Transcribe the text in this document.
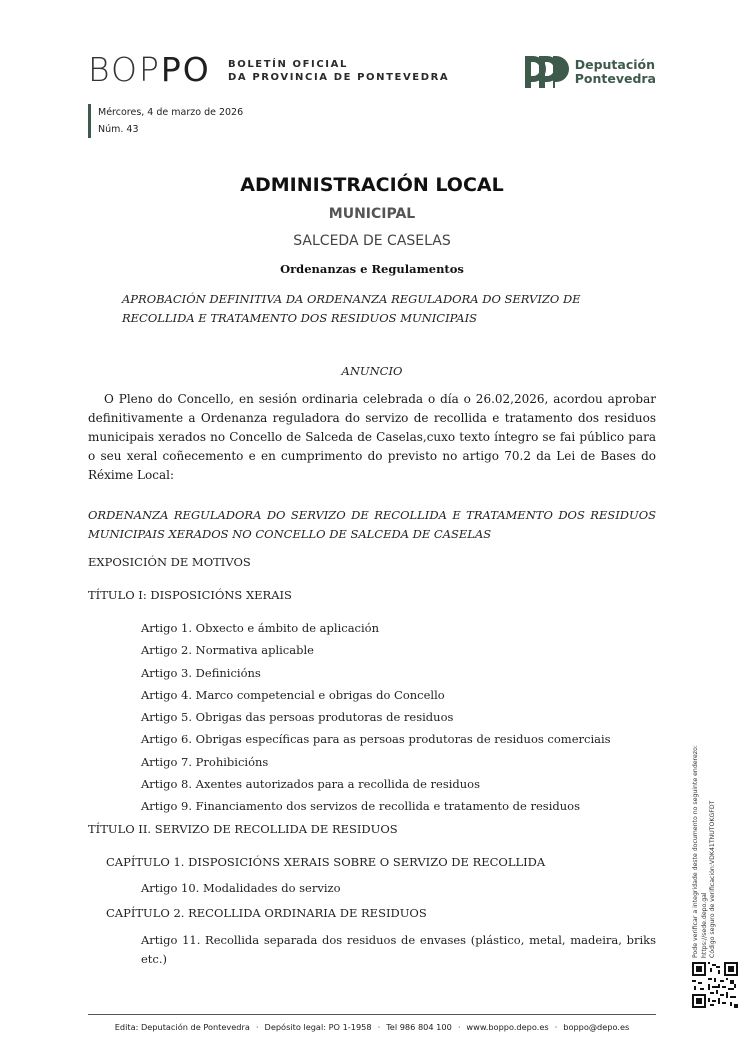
BOPPO BOLETÍN OFICIAL
DA PROVINCIA DE PONTEVEDRA
Deputación
Pontevedra
Mércores, 4 de marzo de 2026
Núm. 43
ADMINISTRACIÓN LOCAL
MUNICIPAL
SALCEDA DE CASELAS
Ordenanzas e Regulamentos
APROBACIÓN DEFINITIVA DA ORDENANZA REGULADORA DO SERVIZO DE RECOLLIDA E TRATAMENTO DOS RESIDUOS MUNICIPAIS
ANUNCIO
O Pleno do Concello, en sesión ordinaria celebrada o día o 26.02,2026, acordou aprobar definitivamente a Ordenanza reguladora do servizo de recollida e tratamento dos residuos municipais xerados no Concello de Salceda de Caselas,cuxo texto íntegro se fai público para o seu xeral coñecemento e en cumprimento do previsto no artigo 70.2 da Lei de Bases do Réxime Local:
ORDENANZA REGULADORA DO SERVIZO DE RECOLLIDA E TRATAMENTO DOS RESIDUOS MUNICIPAIS XERADOS NO CONCELLO DE SALCEDA DE CASELAS
EXPOSICIÓN DE MOTIVOS
TÍTULO I: DISPOSICIÓNS XERAIS
Artigo 1. Obxecto e ámbito de aplicación
Artigo 2. Normativa aplicable
Artigo 3. Definicións
Artigo 4. Marco competencial e obrigas do Concello
Artigo 5. Obrigas das persoas produtoras de residuos
Artigo 6. Obrigas específicas para as persoas produtoras de residuos comerciais
Artigo 7. Prohibicións
Artigo 8. Axentes autorizados para a recollida de residuos
Artigo 9. Financiamento dos servizos de recollida e tratamento de residuos
TÍTULO II. SERVIZO DE RECOLLIDA DE RESIDUOS
CAPÍTULO 1. DISPOSICIÓNS XERAIS SOBRE O SERVIZO DE RECOLLIDA
Artigo 10. Modalidades do servizo
CAPÍTULO 2. RECOLLIDA ORDINARIA DE RESIDUOS
Artigo 11. Recollida separada dos residuos de envases (plástico, metal, madeira, briks etc.)
Pode verificar a integridade deste documento no seguinte enderezo: https://sede.depo.gal Código seguro de verificación:VDK41TNUTOKGFDT
Edita: Deputación de Pontevedra · Depósito legal: PO 1-1958 · Tel 986 804 100 · www.boppo.depo.es · boppo@depo.es
